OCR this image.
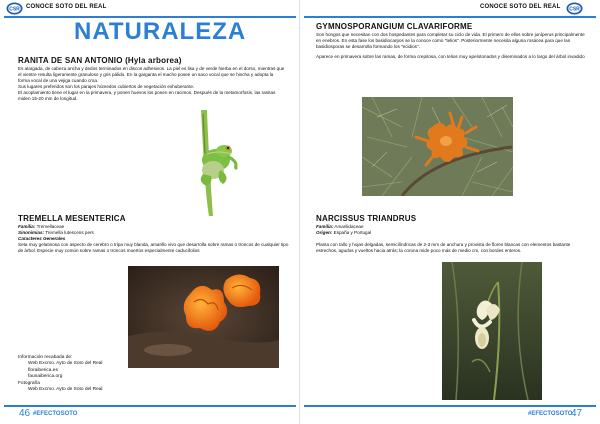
CSR CONOCE SOTO DEL REAL
NATURALEZA
RANITA DE SAN ANTONIO (Hyla arborea)

Es alargada, de cabeza ancha y dedos terminados en discos adhesivos. La piel es lisa y de verde hierba en el dorso, mientras que el vientre resulta ligeramente granuloso y gris pálido. En la garganta el macho posee un saco vocal que se hincha y adopta la forma vocal de una vejiga cuando croa.

Sus lugares preferidos son los parajes húmedos cubiertos de vegetación exhuberante.

El acoplamiento tiene el lugar en la primavera, y ponen huevos los ponen en racimos. Después de la metamorfosis, las ranitas miden 15-20 mm de longitud.

TREMELLA MESENTERICA

Familia: Tremellaceae

Sinonimias: Tremella lutescens pers

Caracteres Generales

Seta muy gelatinosa con aspecto de cerebro o tripa muy blanda, amarillo vivo que desarrolla sobre ramas o troncos de cualquier tipo de árbol. Especie muy común sobre ramas o troncos muertos especialmente caducifolios

Información recabada de:
Web Excmo. Ayto de Soto del Real
floraiberica.es
faunaiberica.org
Fotografía
Web Excmo. Ayto de Soto del Real
46 #EFECTOSOTO
CONOCE SOTO DEL REAL CSR
GYMNOSPORANGIUM CLAVARIFORME

Son hongos que necesitan con dos hospedantes para completar su ciclo de vida. El primero de ellos sobre juníperus principalmente en enebros. En esta fase los basidiocarpos se la conoce como "telios". Posteriormente necesita alguna rosácea para que las basidiosporas se desarrolla formando los "ecidios".

Aparece en primavera sobre las ramas, de forma crepitosa, con telios muy apelotonados y diseminados a lo largo del árbol invadido

NARCISSUS TRIANDRUS

Familia: Amarilidaceae

Origen: España y Portugal

Planta con tallo y hojas delgadas, semicilíndricas de 2-3 mm de anchura y provista de flores blancas con elementos bastante estrechos, agudos y vueltos hacia atrás; la corona mide poco más de medio cm, con bordes enteros.

#EFECTOSOTO
47
